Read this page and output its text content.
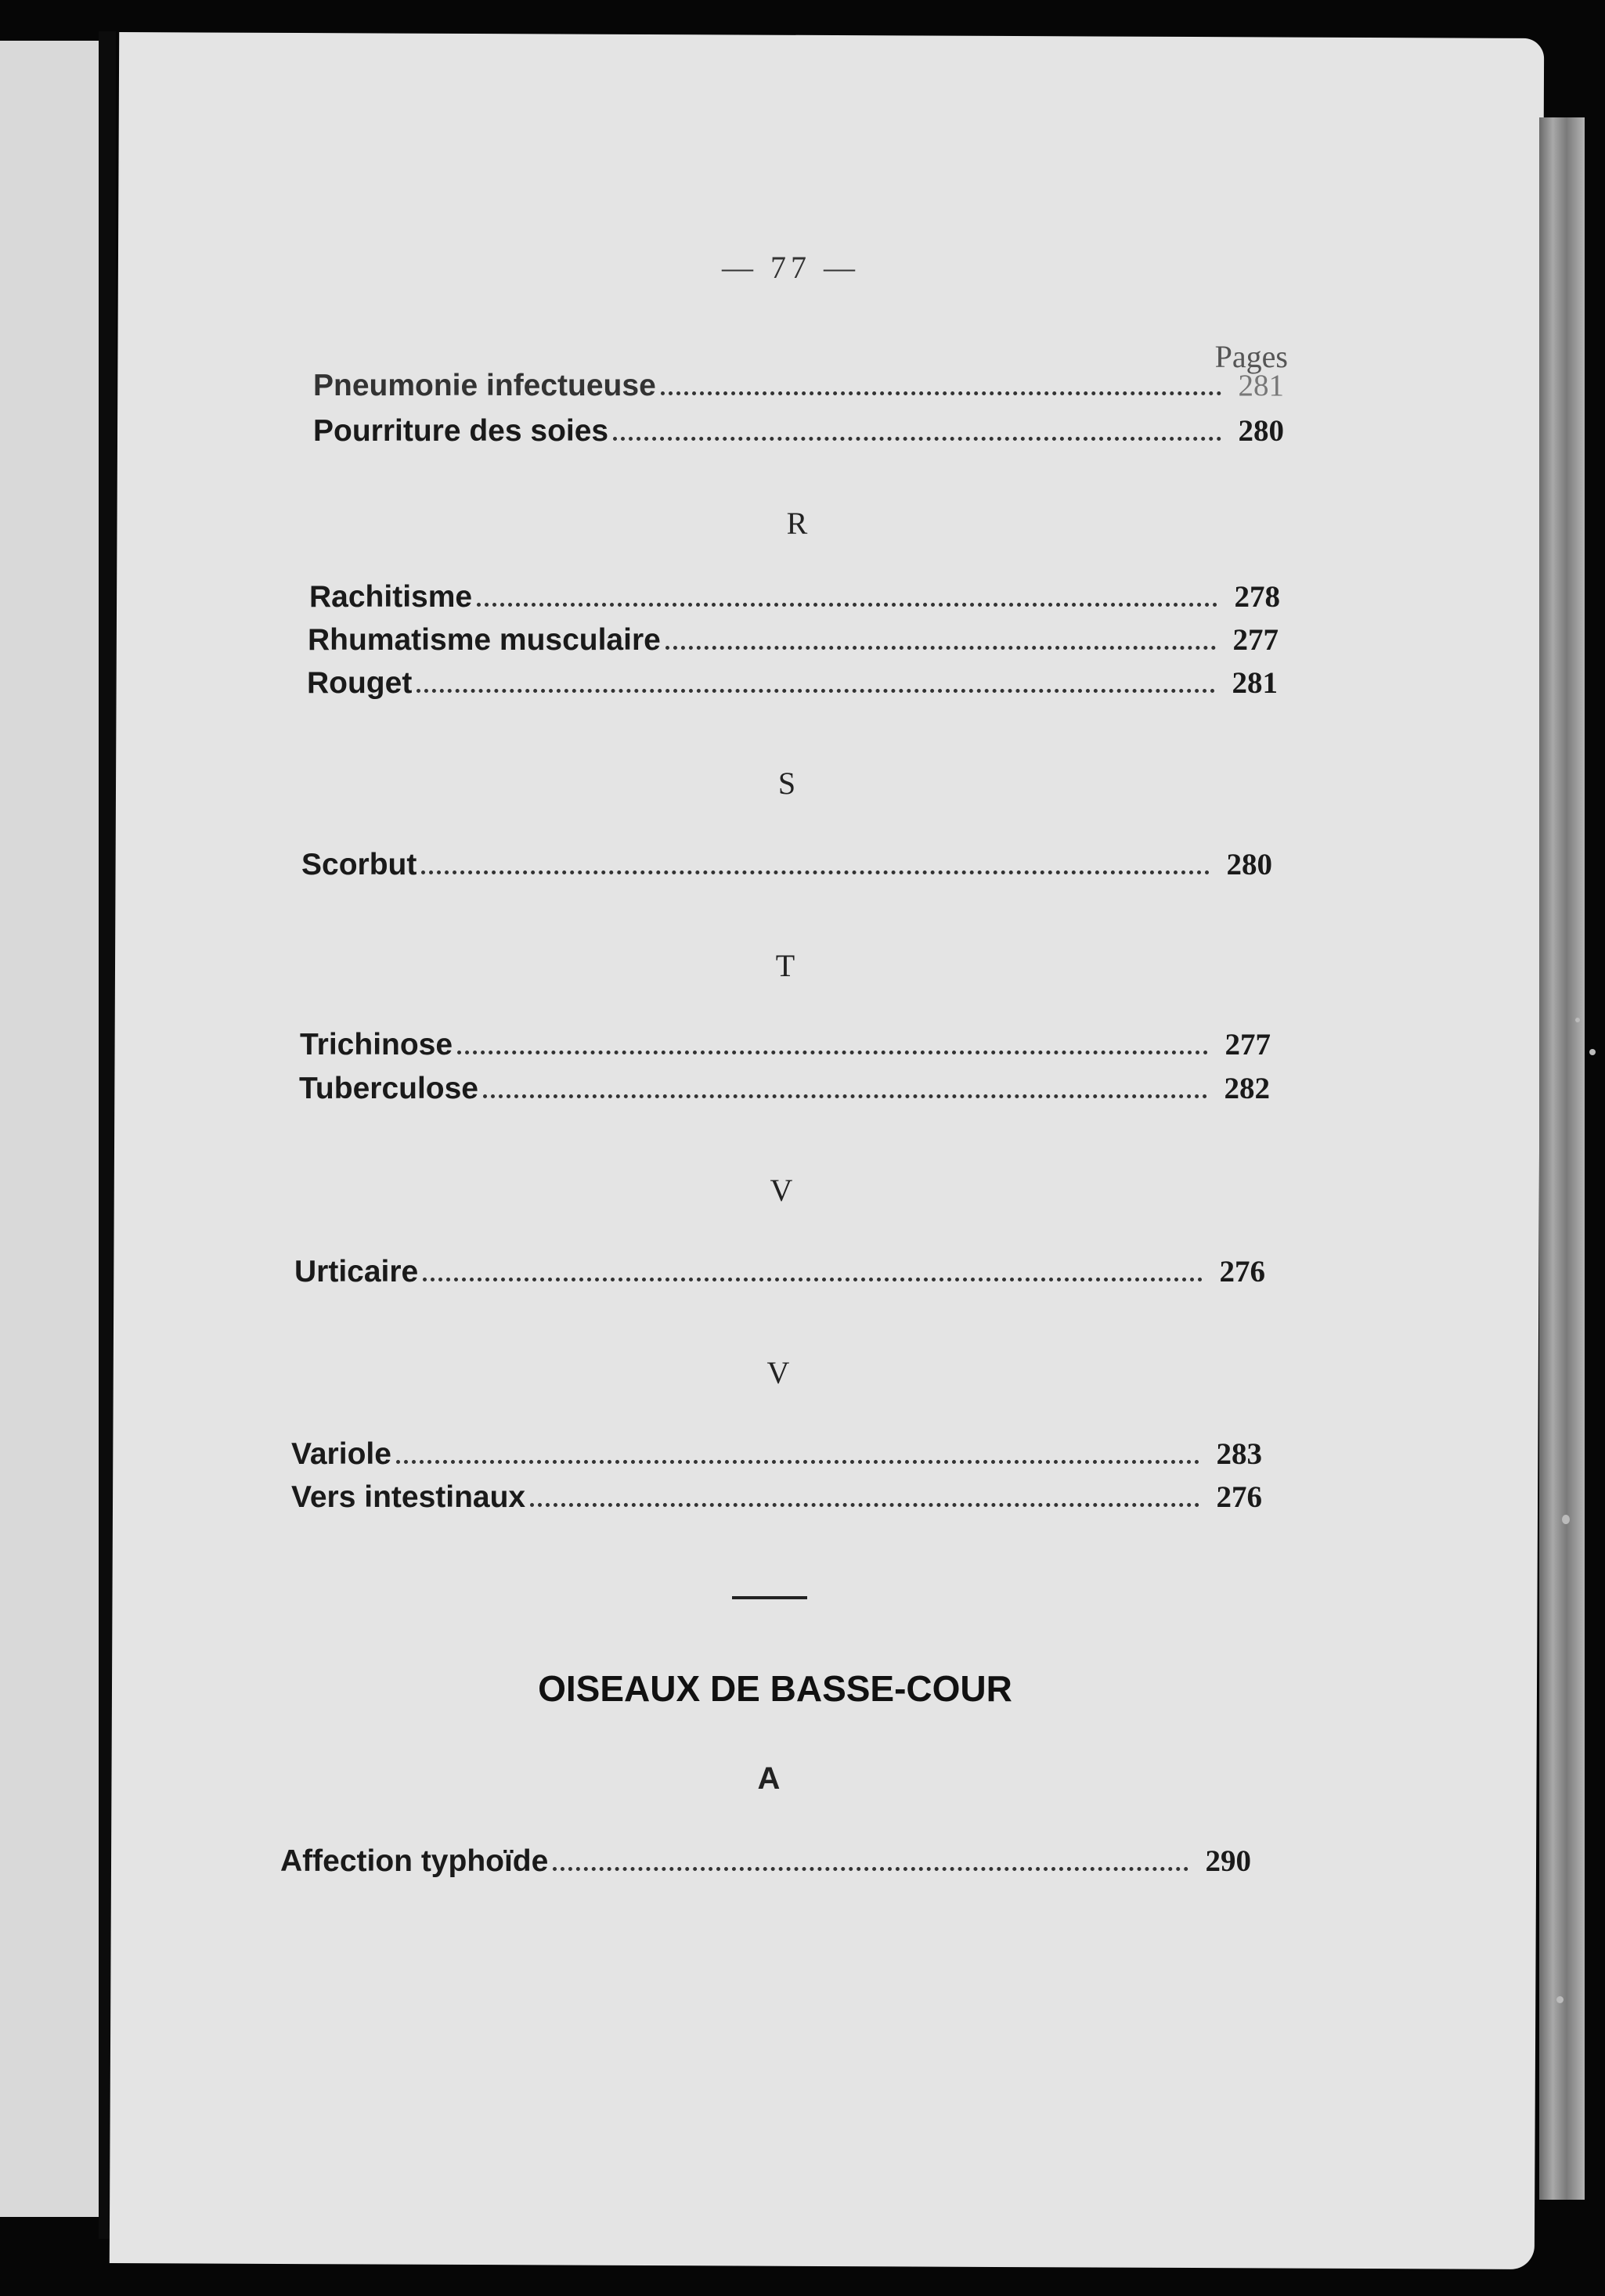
— 77 —
Pages
Pneumonie infectueuse	281
Pourriture des soies	280
R
Rachitisme	278
Rhumatisme musculaire	277
Rouget	281
S
Scorbut	280
T
Trichinose	277
Tuberculose	282
V
Urticaire	276
V
Variole	283
Vers intestinaux	276
OISEAUX DE BASSE-COUR
A
Affection typhoïde	290
